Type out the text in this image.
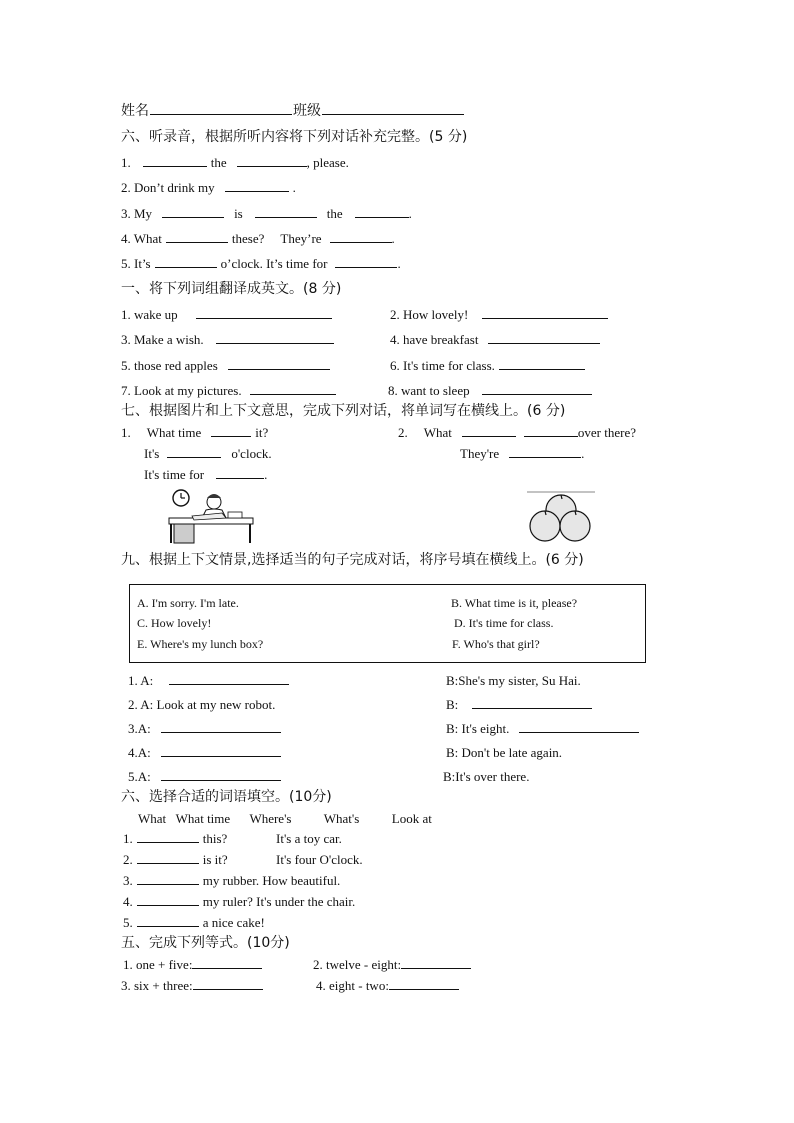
姓名	班级
六、听录音，根据所听内容将下列对话补充完整。(5 分)
1.	the	, please.
2. Don’t drink my	.
3. My	is	the	.
4. What	these? They’re	.
5. It’s	o’clock. It’s time for	.
一、将下列词组翻译成英文。(8 分)
1. wake up	2. How lovely!
3. Make a wish.	4. have breakfast
5. those red apples	6. It's time for class.
7. Look at my pictures.	8. want to sleep
七、根据图片和上下文意思，完成下列对话，将单词写在横线上。(6 分)
1. What time	it?	2. What	over there?
It's	o'clock.	They're	.
It's time for	.
九、根据上下文情景,选择适当的句子完成对话，将序号填在横线上。(6 分)
A. I'm sorry. I'm late.	B. What time is it, please?
C. How lovely!	D. It's time for class.
E. Where's my lunch box?	F. Who's that girl?
1. A:	B:She's my sister, Su Hai.
2. A: Look at my new robot.	B:
3.A:	B: It's eight.
4.A:	B: Don't be late again.
5.A:	B:It's over there.
六、选择合适的词语填空。(10分)
What   What time      Where's          What's          Look at
1.	this?	It's a toy car.
2.	is it?	It's four O'clock.
3.	my rubber. How beautiful.
4.	my ruler? It's under the chair.
5.	a nice cake!
五、完成下列等式。(10分)
1. one + five:	2. twelve - eight:
3. six + three:	4. eight - two:
